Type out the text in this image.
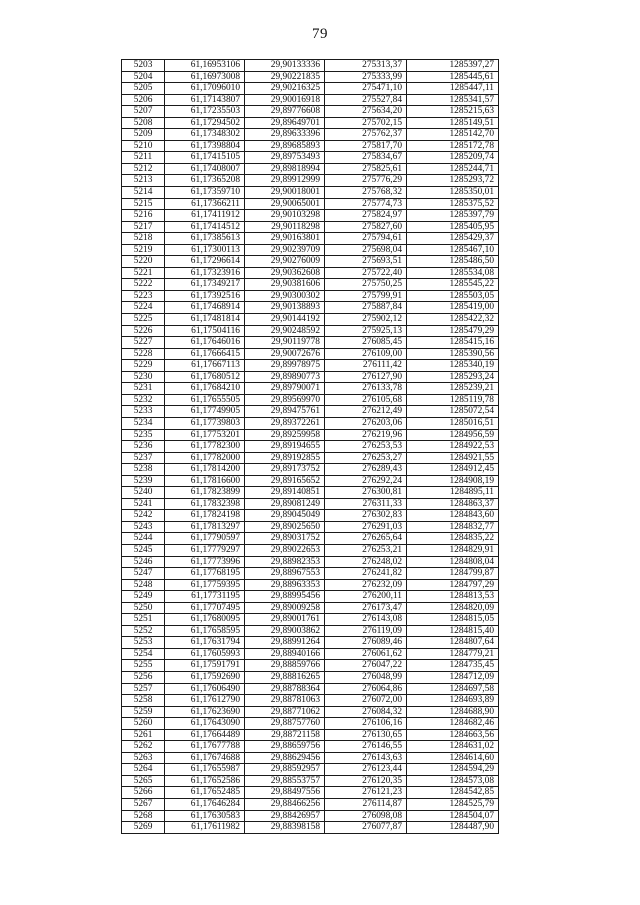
79
5203	61,16953106	29,90133336	275313,37	1285397,27
5204	61,16973008	29,90221835	275333,99	1285445,61
5205	61,17096010	29,90216325	275471,10	1285447,11
5206	61,17143807	29,90016918	275527,84	1285341,57
5207	61,17235503	29,89776608	275634,20	1285215,63
5208	61,17294502	29,89649701	275702,15	1285149,51
5209	61,17348302	29,89633396	275762,37	1285142,70
5210	61,17398804	29,89685893	275817,70	1285172,78
5211	61,17415105	29,89753493	275834,67	1285209,74
5212	61,17408007	29,89818994	275825,61	1285244,71
5213	61,17365208	29,89912999	275776,29	1285293,72
5214	61,17359710	29,90018001	275768,32	1285350,01
5215	61,17366211	29,90065001	275774,73	1285375,52
5216	61,17411912	29,90103298	275824,97	1285397,79
5217	61,17414512	29,90118298	275827,60	1285405,95
5218	61,17385613	29,90163801	275794,61	1285429,37
5219	61,17300113	29,90239709	275698,04	1285467,10
5220	61,17296614	29,90276009	275693,51	1285486,50
5221	61,17323916	29,90362608	275722,40	1285534,08
5222	61,17349217	29,90381606	275750,25	1285545,22
5223	61,17392516	29,90300302	275799,91	1285503,05
5224	61,17468914	29,90138893	275887,84	1285419,00
5225	61,17481814	29,90144192	275902,12	1285422,32
5226	61,17504116	29,90248592	275925,13	1285479,29
5227	61,17646016	29,90119778	276085,45	1285415,16
5228	61,17666415	29,90072676	276109,00	1285390,56
5229	61,17667113	29,89978975	276111,42	1285340,19
5230	61,17680512	29,89890773	276127,90	1285293,24
5231	61,17684210	29,89790071	276133,78	1285239,21
5232	61,17655505	29,89569970	276105,68	1285119,78
5233	61,17749905	29,89475761	276212,49	1285072,54
5234	61,17739803	29,89372261	276203,06	1285016,51
5235	61,17753201	29,89259958	276219,96	1284956,59
5236	61,17782300	29,89194655	276253,53	1284922,53
5237	61,17782000	29,89192855	276253,27	1284921,55
5238	61,17814200	29,89173752	276289,43	1284912,45
5239	61,17816600	29,89165652	276292,24	1284908,19
5240	61,17823899	29,89140851	276300,81	1284895,11
5241	61,17832398	29,89081249	276311,33	1284863,37
5242	61,17824198	29,89045049	276302,83	1284843,60
5243	61,17813297	29,89025650	276291,03	1284832,77
5244	61,17790597	29,89031752	276265,64	1284835,22
5245	61,17779297	29,89022653	276253,21	1284829,91
5246	61,17773996	29,88982353	276248,02	1284808,04
5247	61,17768195	29,88967553	276241,82	1284799,87
5248	61,17759395	29,88963353	276232,09	1284797,29
5249	61,17731195	29,88995456	276200,11	1284813,53
5250	61,17707495	29,89009258	276173,47	1284820,09
5251	61,17680095	29,89001761	276143,08	1284815,05
5252	61,17658595	29,89003862	276119,09	1284815,40
5253	61,17631794	29,88991264	276089,46	1284807,64
5254	61,17605993	29,88940166	276061,62	1284779,21
5255	61,17591791	29,88859766	276047,22	1284735,45
5256	61,17592690	29,88816265	276048,99	1284712,09
5257	61,17606490	29,88788364	276064,86	1284697,58
5258	61,17612790	29,88781063	276072,00	1284693,89
5259	61,17623690	29,88771062	276084,32	1284688,90
5260	61,17643090	29,88757760	276106,16	1284682,46
5261	61,17664489	29,88721158	276130,65	1284663,56
5262	61,17677788	29,88659756	276146,55	1284631,02
5263	61,17674688	29,88629456	276143,63	1284614,60
5264	61,17655987	29,88592957	276123,44	1284594,29
5265	61,17652586	29,88553757	276120,35	1284573,08
5266	61,17652485	29,88497556	276121,23	1284542,85
5267	61,17646284	29,88466256	276114,87	1284525,79
5268	61,17630583	29,88426957	276098,08	1284504,07
5269	61,17611982	29,88398158	276077,87	1284487,90
